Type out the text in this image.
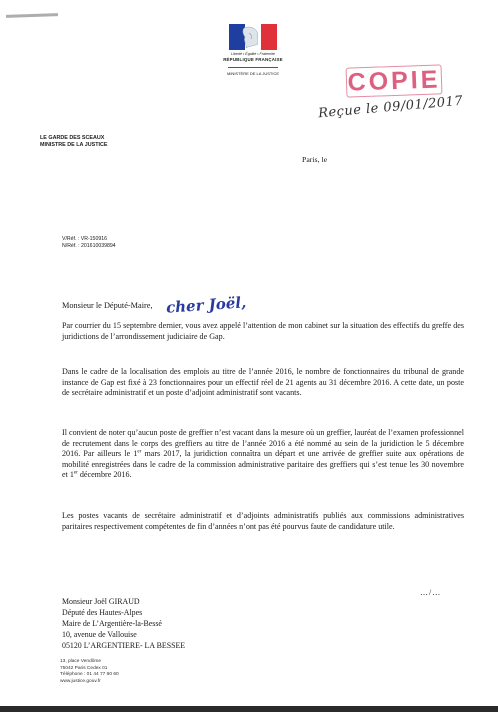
Liberté • Égalité • Fraternité
RÉPUBLIQUE FRANÇAISE
MINISTÈRE DE LA JUSTICE	COPIE
Reçue le 09/01/2017
LE GARDE DES SCEAUX
MINISTRE DE LA JUSTICE
Paris, le
V/Réf. : VR-150916
N/Réf. : 201610039894
Monsieur le Député-Maire, cher Joël,

Par courrier du 15 septembre dernier, vous avez appelé l’attention de mon cabinet sur la situation des effectifs du greffe des juridictions de l’arrondissement judiciaire de Gap.

Dans le cadre de la localisation des emplois au titre de l’année 2016, le nombre de fonctionnaires du tribunal de grande instance de Gap est fixé à 23 fonctionnaires pour un effectif réel de 21 agents au 31 décembre 2016. A cette date, un poste de secrétaire administratif et un poste d’adjoint administratif sont vacants.

Il convient de noter qu’aucun poste de greffier n’est vacant dans la mesure où un greffier, lauréat de l’examen professionnel de recrutement dans le corps des greffiers au titre de l’année 2016 a été nommé au sein de la juridiction le 5 décembre 2016. Par ailleurs le 1er mars 2017, la juridiction connaîtra un départ et une arrivée de greffier suite aux opérations de mobilité enregistrées dans le cadre de la commission administrative paritaire des greffiers qui s’est tenue les 30 novembre et 1er décembre 2016.

Les postes vacants de secrétaire administratif et d’adjoints administratifs publiés aux commissions administratives paritaires respectivement compétentes de fin d’années n’ont pas été pourvus faute de candidature utile.

…/…
Monsieur Joël GIRAUD
Député des Hautes-Alpes
Maire de L’Argentière-la-Bessé
10, avenue de Vallouise
05120 L’ARGENTIERE- LA BESSEE
13, place Vendôme
75042 Paris Cedex 01
Téléphone : 01 44 77 60 60
www.justice.gouv.fr
